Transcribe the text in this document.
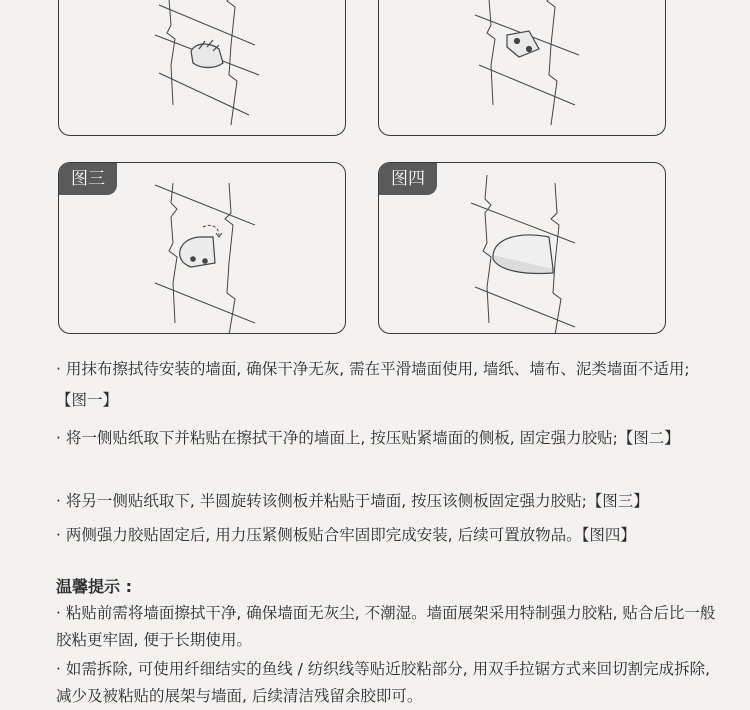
图三	图四
· 用抹布擦拭待安装的墙面, 确保干净无灰, 需在平滑墙面使用, 墙纸、墙布、泥类墙面不适用;【图一】
· 将一侧贴纸取下并粘贴在擦拭干净的墙面上, 按压贴紧墙面的侧板, 固定强力胶贴;【图二】
· 将另一侧贴纸取下, 半圆旋转该侧板并粘贴于墙面, 按压该侧板固定强力胶贴;【图三】
· 两侧强力胶贴固定后, 用力压紧侧板贴合牢固即完成安装, 后续可置放物品。【图四】
温馨提示 :
· 粘贴前需将墙面擦拭干净, 确保墙面无灰尘, 不潮湿。墙面展架采用特制强力胶粘, 贴合后比一般胶粘更牢固, 便于长期使用。
· 如需拆除, 可使用纤细结实的鱼线 / 纺织线等贴近胶粘部分, 用双手拉锯方式来回切割完成拆除, 减少及被粘贴的展架与墙面, 后续清洁残留余胶即可。
